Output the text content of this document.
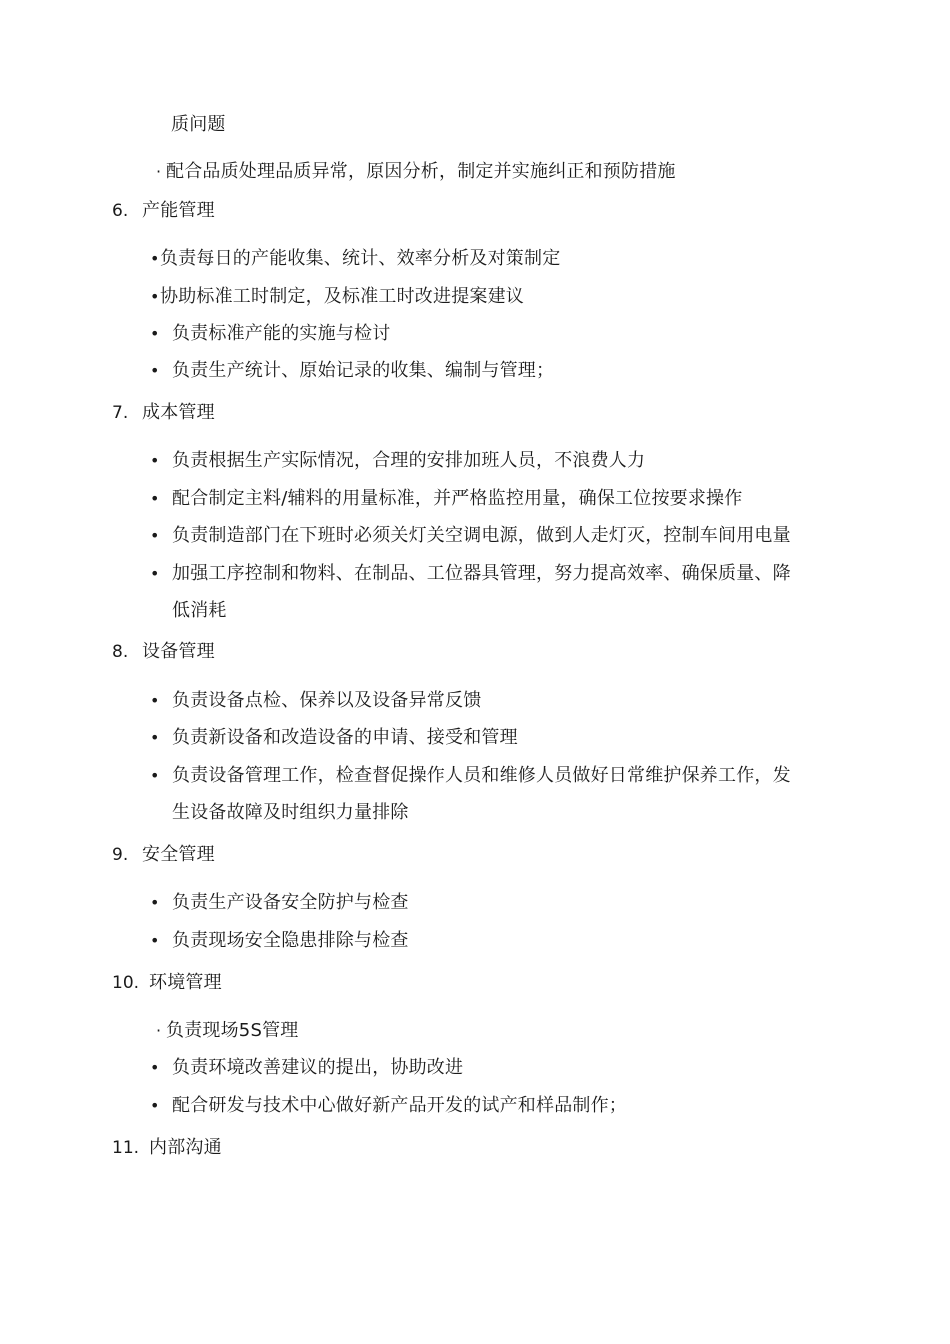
质问题
· 配合品质处理品质异常，原因分析，制定并实施纠正和预防措施
6. 产能管理
• 负责每日的产能收集、统计、效率分析及对策制定
• 协助标准工时制定，及标准工时改进提案建议
• 负责标准产能的实施与检讨
• 负责生产统计、原始记录的收集、编制与管理；
7. 成本管理
• 负责根据生产实际情况，合理的安排加班人员，不浪费人力
• 配合制定主料/辅料的用量标准，并严格监控用量，确保工位按要求操作
• 负责制造部门在下班时必须关灯关空调电源，做到人走灯灭，控制车间用电量
• 加强工序控制和物料、在制品、工位器具管理，努力提高效率、确保质量、降
低消耗
8. 设备管理
• 负责设备点检、保养以及设备异常反馈
• 负责新设备和改造设备的申请、接受和管理
• 负责设备管理工作，检查督促操作人员和维修人员做好日常维护保养工作，发
生设备故障及时组织力量排除
9. 安全管理
• 负责生产设备安全防护与检查
• 负责现场安全隐患排除与检查
10. 环境管理
· 负责现场5S管理
• 负责环境改善建议的提出，协助改进
• 配合研发与技术中心做好新产品开发的试产和样品制作；
11. 内部沟通
